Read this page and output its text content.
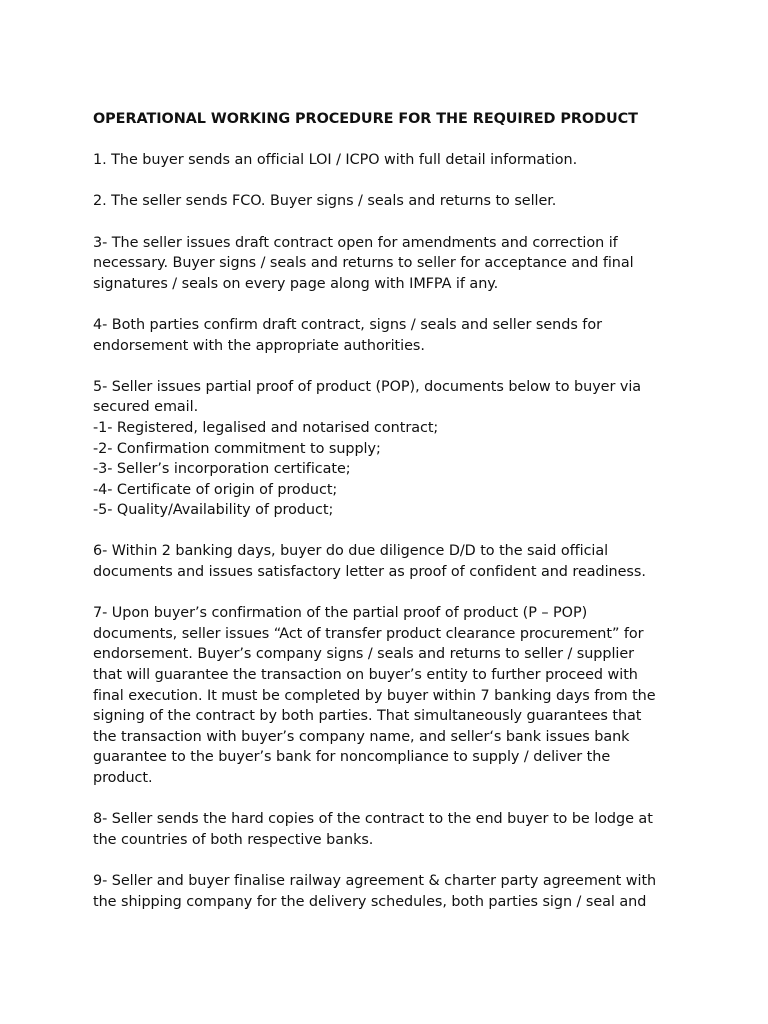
OPERATIONAL WORKING PROCEDURE FOR THE REQUIRED PRODUCT

1. The buyer sends an official LOI / ICPO with full detail information.

2. The seller sends FCO. Buyer signs / seals and returns to seller.

3- The seller issues draft contract open for amendments and correction if
necessary. Buyer signs / seals and returns to seller for acceptance and final
signatures / seals on every page along with IMFPA if any.

4- Both parties confirm draft contract, signs / seals and seller sends for
endorsement with the appropriate authorities.

5- Seller issues partial proof of product (POP), documents below to buyer via
secured email.
-1- Registered, legalised and notarised contract;
-2- Confirmation commitment to supply;
-3- Seller’s incorporation certificate;
-4- Certificate of origin of product;
-5- Quality/Availability of product;

6- Within 2 banking days, buyer do due diligence D/D to the said official
documents and issues satisfactory letter as proof of confident and readiness.

7- Upon buyer’s confirmation of the partial proof of product (P – POP)
documents, seller issues “Act of transfer product clearance procurement” for
endorsement. Buyer’s company signs / seals and returns to seller / supplier
that will guarantee the transaction on buyer’s entity to further proceed with
final execution. It must be completed by buyer within 7 banking days from the
signing of the contract by both parties. That simultaneously guarantees that
the transaction with buyer’s company name, and seller‘s bank issues bank
guarantee to the buyer’s bank for noncompliance to supply / deliver the
product.

8- Seller sends the hard copies of the contract to the end buyer to be lodge at
the countries of both respective banks.

9- Seller and buyer finalise railway agreement & charter party agreement with
the shipping company for the delivery schedules, both parties sign / seal and
